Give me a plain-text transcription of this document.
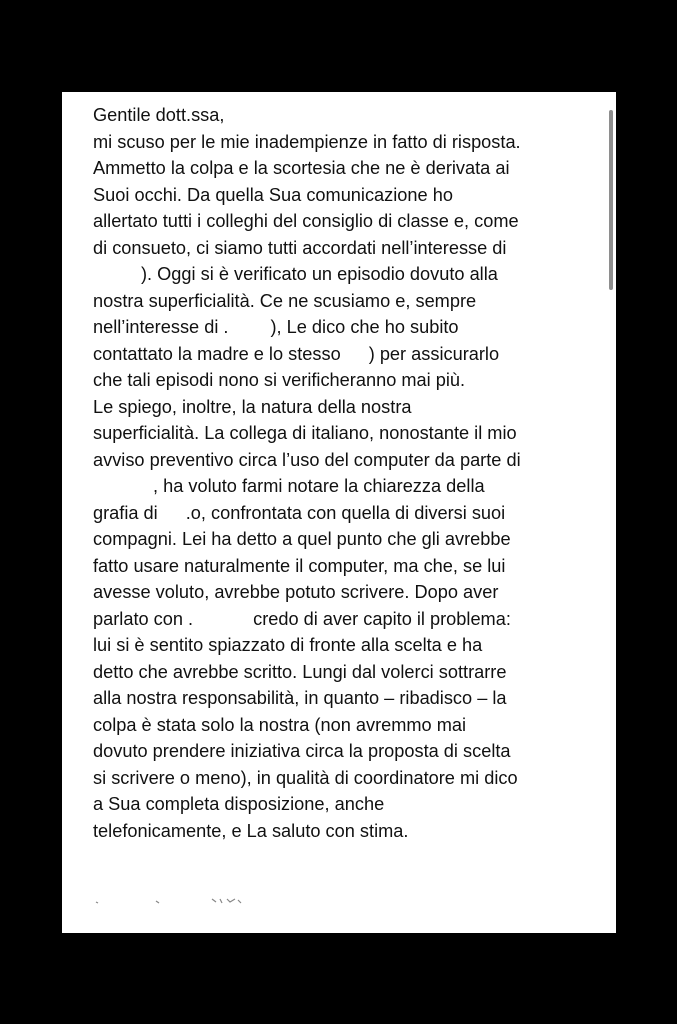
Gentile dott.ssa,
mi scuso per le mie inadempienze in fatto di risposta.
Ammetto la colpa e la scortesia che ne è derivata ai
Suoi occhi. Da quella Sua comunicazione ho
allertato tutti i colleghi del consiglio di classe e, come
di consueto, ci siamo tutti accordati nell’interesse di
). Oggi si è verificato un episodio dovuto alla
nostra superficialità. Ce ne scusiamo e, sempre
nell’interesse di . ), Le dico che ho subito
contattato la madre e lo stesso ) per assicurarlo
che tali episodi nono si verificheranno mai più.
Le spiego, inoltre, la natura della nostra
superficialità. La collega di italiano, nonostante il mio
avviso preventivo circa l’uso del computer da parte di
, ha voluto farmi notare la chiarezza della
grafia di .o, confrontata con quella di diversi suoi
compagni. Lei ha detto a quel punto che gli avrebbe
fatto usare naturalmente il computer, ma che, se lui
avesse voluto, avrebbe potuto scrivere. Dopo aver
parlato con .	credo di aver capito il problema:
lui si è sentito spiazzato di fronte alla scelta e ha
detto che avrebbe scritto. Lungi dal volerci sottrarre
alla nostra responsabilità, in quanto – ribadisco – la
colpa è stata solo la nostra (non avremmo mai
dovuto prendere iniziativa circa la proposta di scelta
si scrivere o meno), in qualità di coordinatore mi dico
a Sua completa disposizione, anche
telefonicamente, e La saluto con stima.
